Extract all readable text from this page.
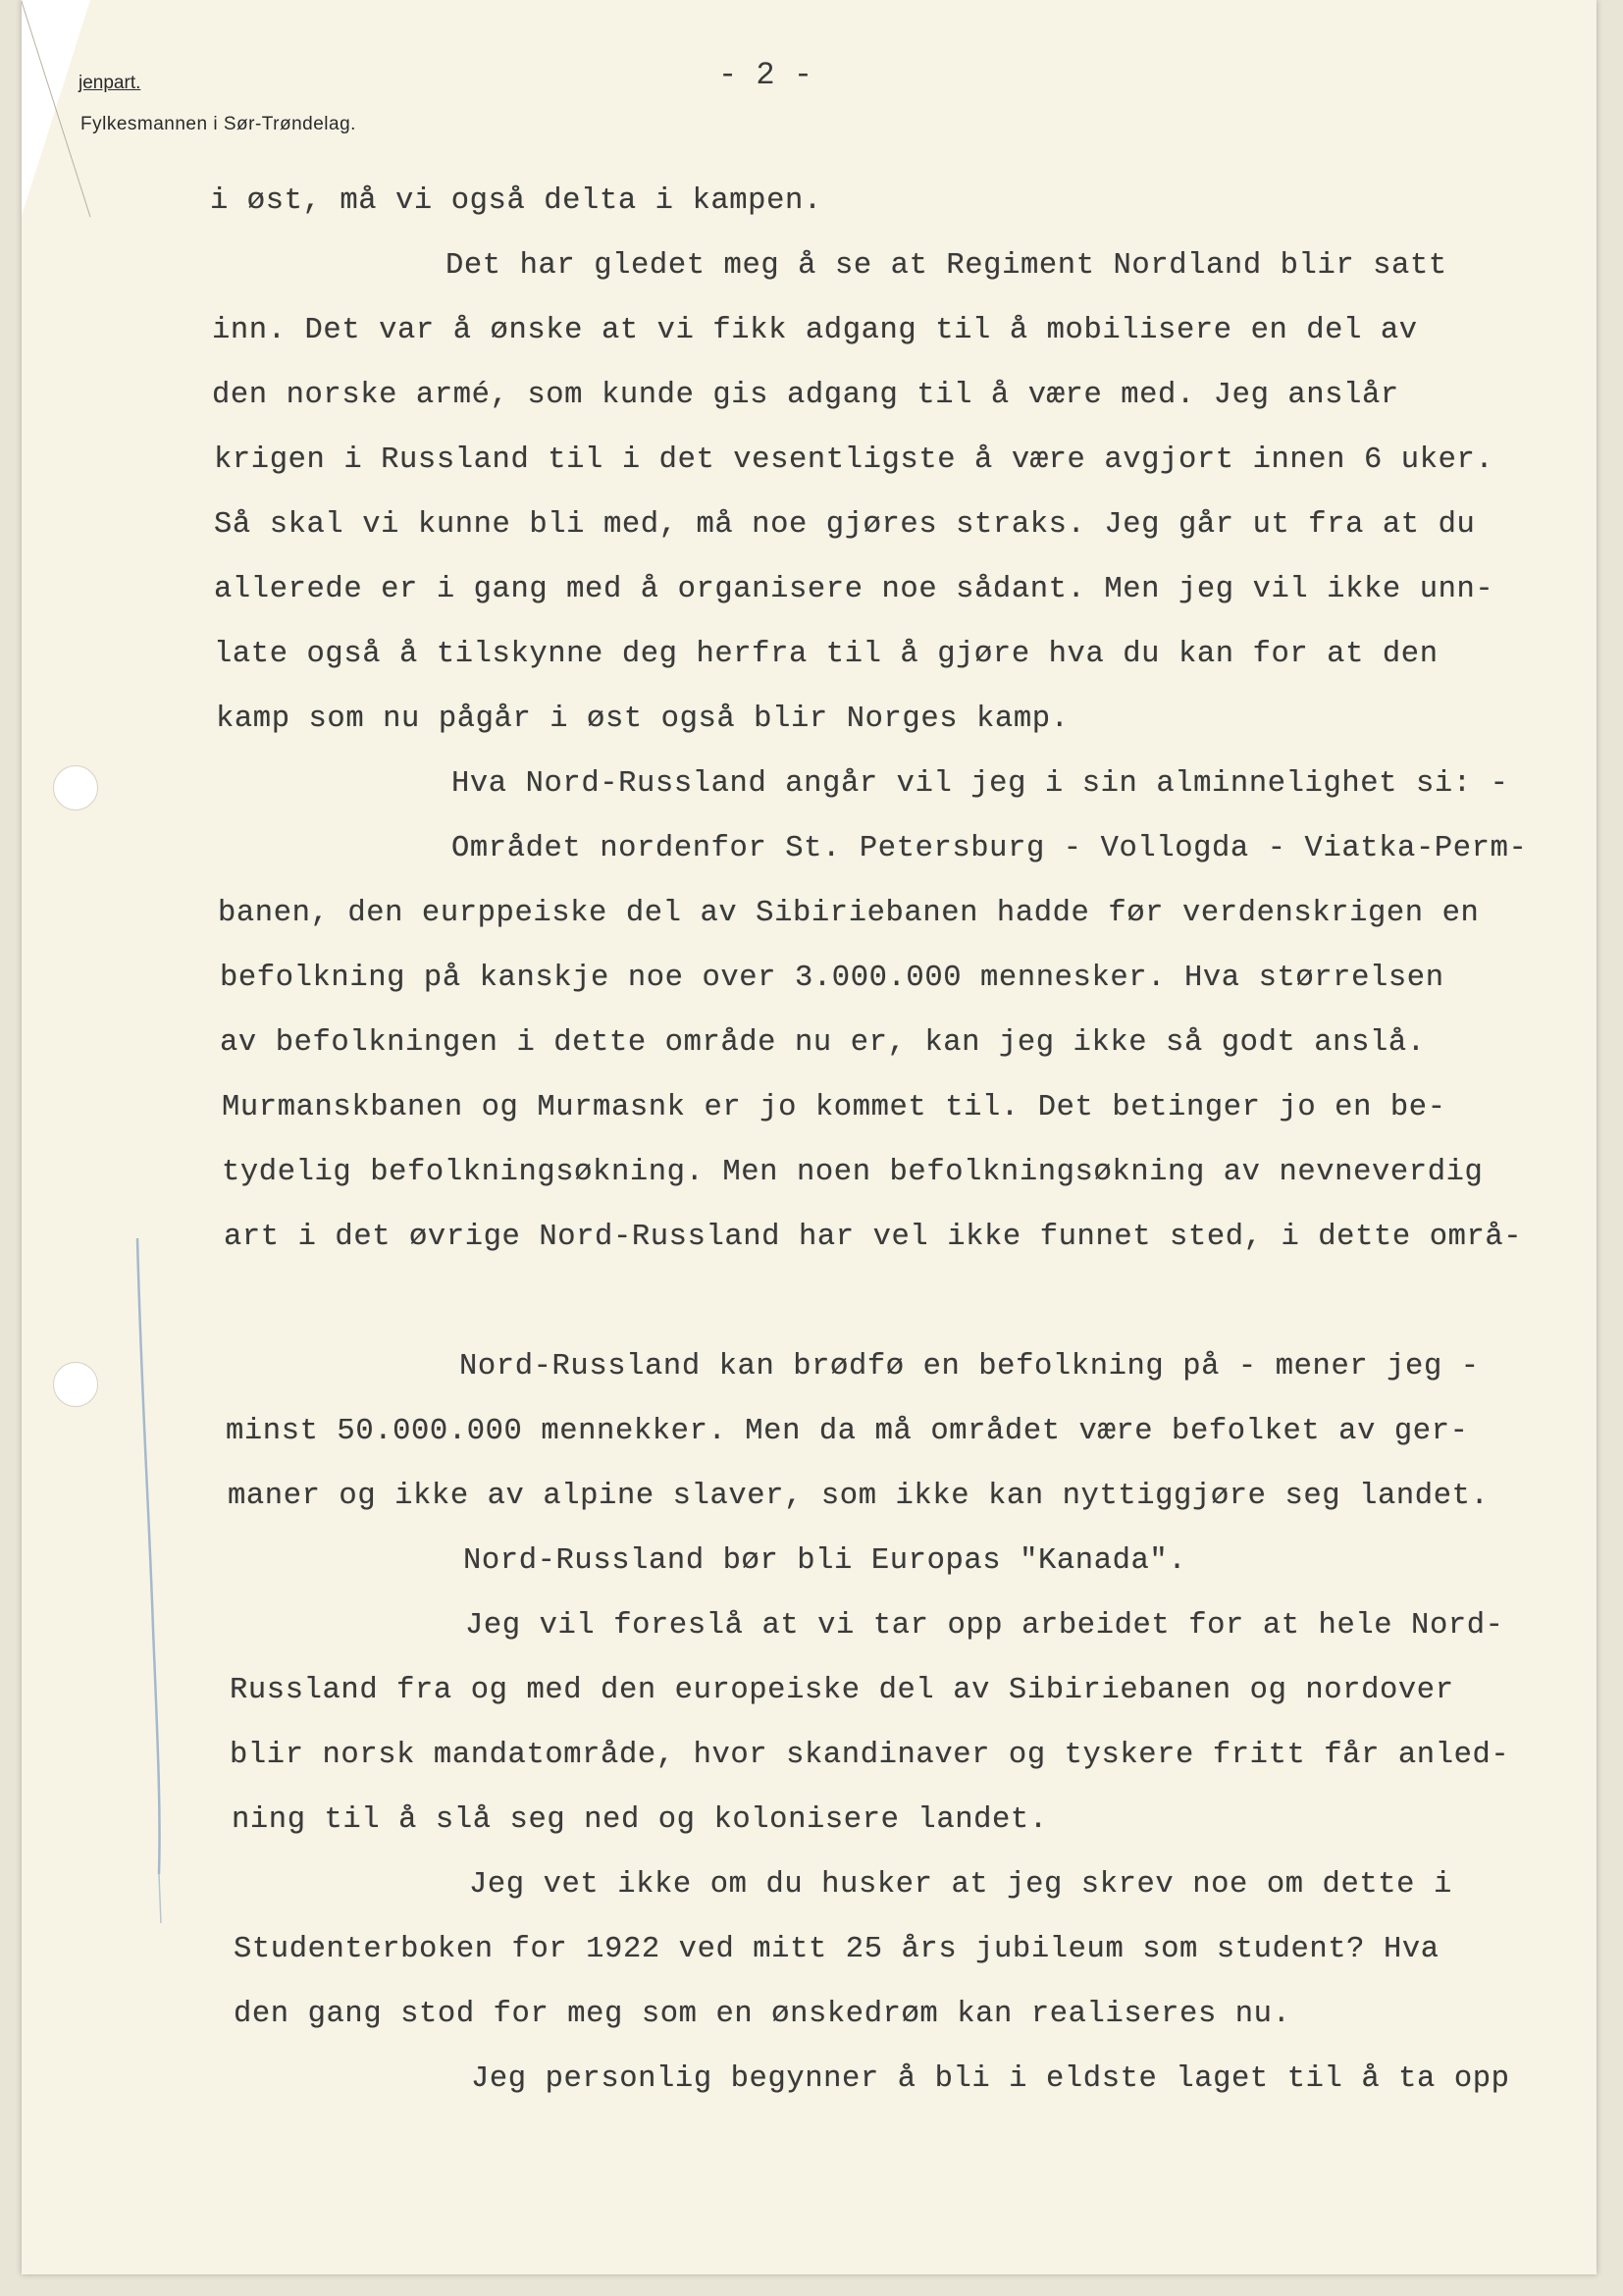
jenpart.
Fylkesmannen i Sør-Trøndelag.
- 2 -
i øst, må vi også delta i kampen.
Det har gledet meg å se at Regiment Nordland blir satt
inn. Det var å ønske at vi fikk adgang til å mobilisere en del av
den norske armé, som kunde gis adgang til å være med. Jeg anslår
krigen i Russland til i det vesentligste å være avgjort innen 6 uker.
Så skal vi kunne bli med, må noe gjøres straks. Jeg går ut fra at du
allerede er i gang med å organisere noe sådant. Men jeg vil ikke unn-
late også å tilskynne deg herfra til å gjøre hva du kan for at den
kamp som nu pågår i øst også blir Norges kamp.
Hva Nord-Russland angår vil jeg i sin alminnelighet si: -
Området nordenfor St. Petersburg - Vollogda - Viatka-Perm-
banen, den eurppeiske del av Sibiriebanen hadde før verdenskrigen en
befolkning på kanskje noe over 3.000.000 mennesker. Hva størrelsen
av befolkningen i dette område nu er, kan jeg ikke så godt anslå.
Murmanskbanen og Murmasnk er jo kommet til. Det betinger jo en be-
tydelig befolkningsøkning. Men noen befolkningsøkning av nevneverdig
art i det øvrige Nord-Russland har vel ikke funnet sted, i dette områ-
Nord-Russland kan brødfø en befolkning på - mener jeg -
minst 50.000.000 mennekker. Men da må området være befolket av ger-
maner og ikke av alpine slaver, som ikke kan nyttiggjøre seg landet.
Nord-Russland bør bli Europas "Kanada".
Jeg vil foreslå at vi tar opp arbeidet for at hele Nord-
Russland fra og med den europeiske del av Sibiriebanen og nordover
blir norsk mandatområde, hvor skandinaver og tyskere fritt får anled-
ning til å slå seg ned og kolonisere landet.
Jeg vet ikke om du husker at jeg skrev noe om dette i
Studenterboken for 1922 ved mitt 25 års jubileum som student? Hva
den gang stod for meg som en ønskedrøm kan realiseres nu.
Jeg personlig begynner å bli i eldste laget til å ta opp
